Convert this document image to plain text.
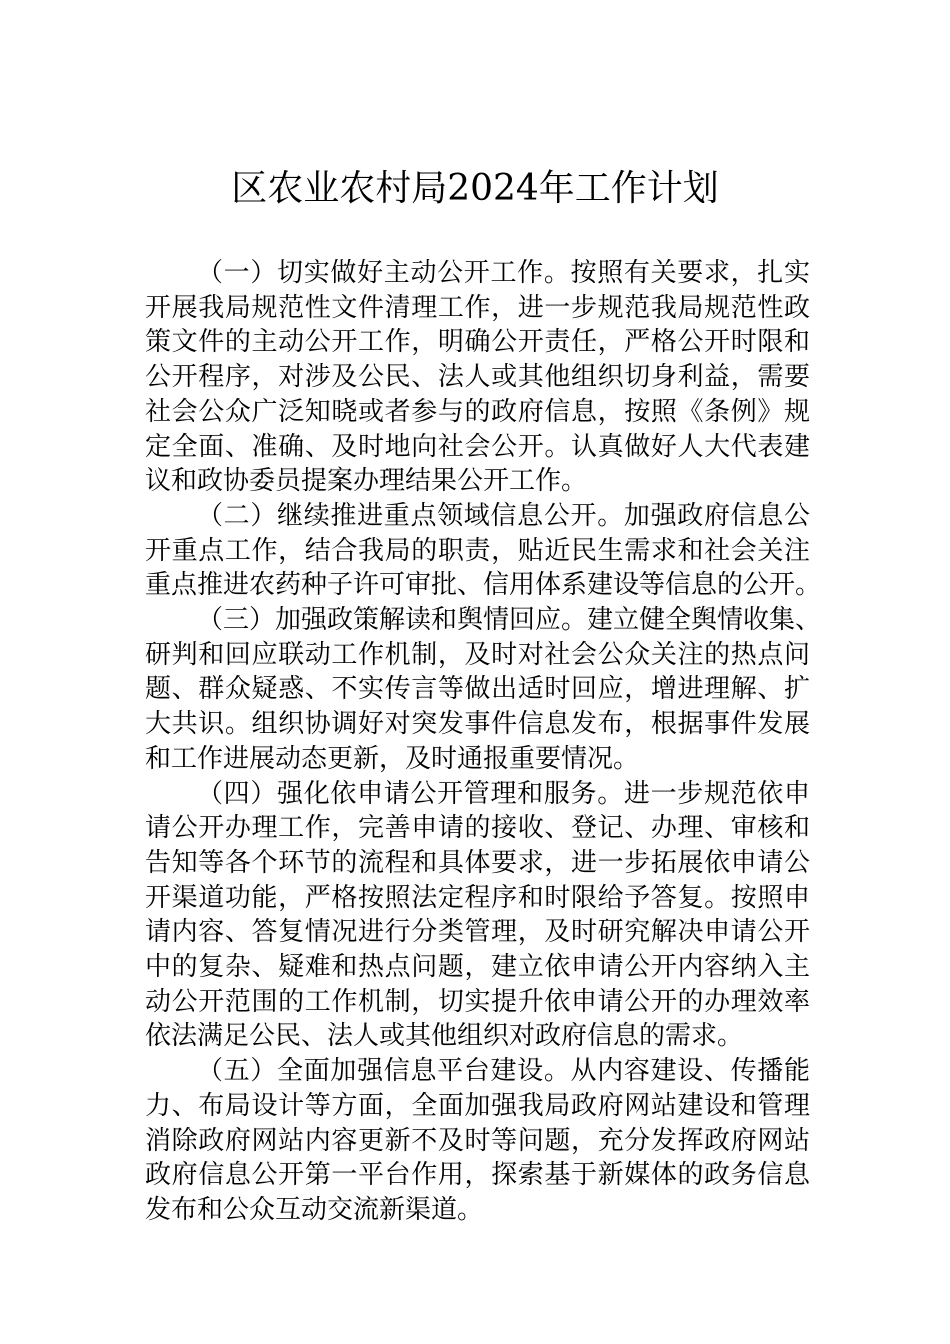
区农业农村局2024年工作计划
（一）切实做好主动公开工作。按照有关要求，扎实
开展我局规范性文件清理工作，进一步规范我局规范性政
策文件的主动公开工作，明确公开责任，严格公开时限和
公开程序，对涉及公民、法人或其他组织切身利益，需要
社会公众广泛知晓或者参与的政府信息，按照《条例》规
定全面、准确、及时地向社会公开。认真做好人大代表建
议和政协委员提案办理结果公开工作。
（二）继续推进重点领域信息公开。加强政府信息公
开重点工作，结合我局的职责，贴近民生需求和社会关注
重点推进农药种子许可审批、信用体系建设等信息的公开。
（三）加强政策解读和舆情回应。建立健全舆情收集、
研判和回应联动工作机制，及时对社会公众关注的热点问
题、群众疑惑、不实传言等做出适时回应，增进理解、扩
大共识。组织协调好对突发事件信息发布，根据事件发展
和工作进展动态更新，及时通报重要情况。
（四）强化依申请公开管理和服务。进一步规范依申
请公开办理工作，完善申请的接收、登记、办理、审核和
告知等各个环节的流程和具体要求，进一步拓展依申请公
开渠道功能，严格按照法定程序和时限给予答复。按照申
请内容、答复情况进行分类管理，及时研究解决申请公开
中的复杂、疑难和热点问题，建立依申请公开内容纳入主
动公开范围的工作机制，切实提升依申请公开的办理效率
依法满足公民、法人或其他组织对政府信息的需求。
（五）全面加强信息平台建设。从内容建设、传播能
力、布局设计等方面，全面加强我局政府网站建设和管理
消除政府网站内容更新不及时等问题，充分发挥政府网站
政府信息公开第一平台作用，探索基于新媒体的政务信息
发布和公众互动交流新渠道。
